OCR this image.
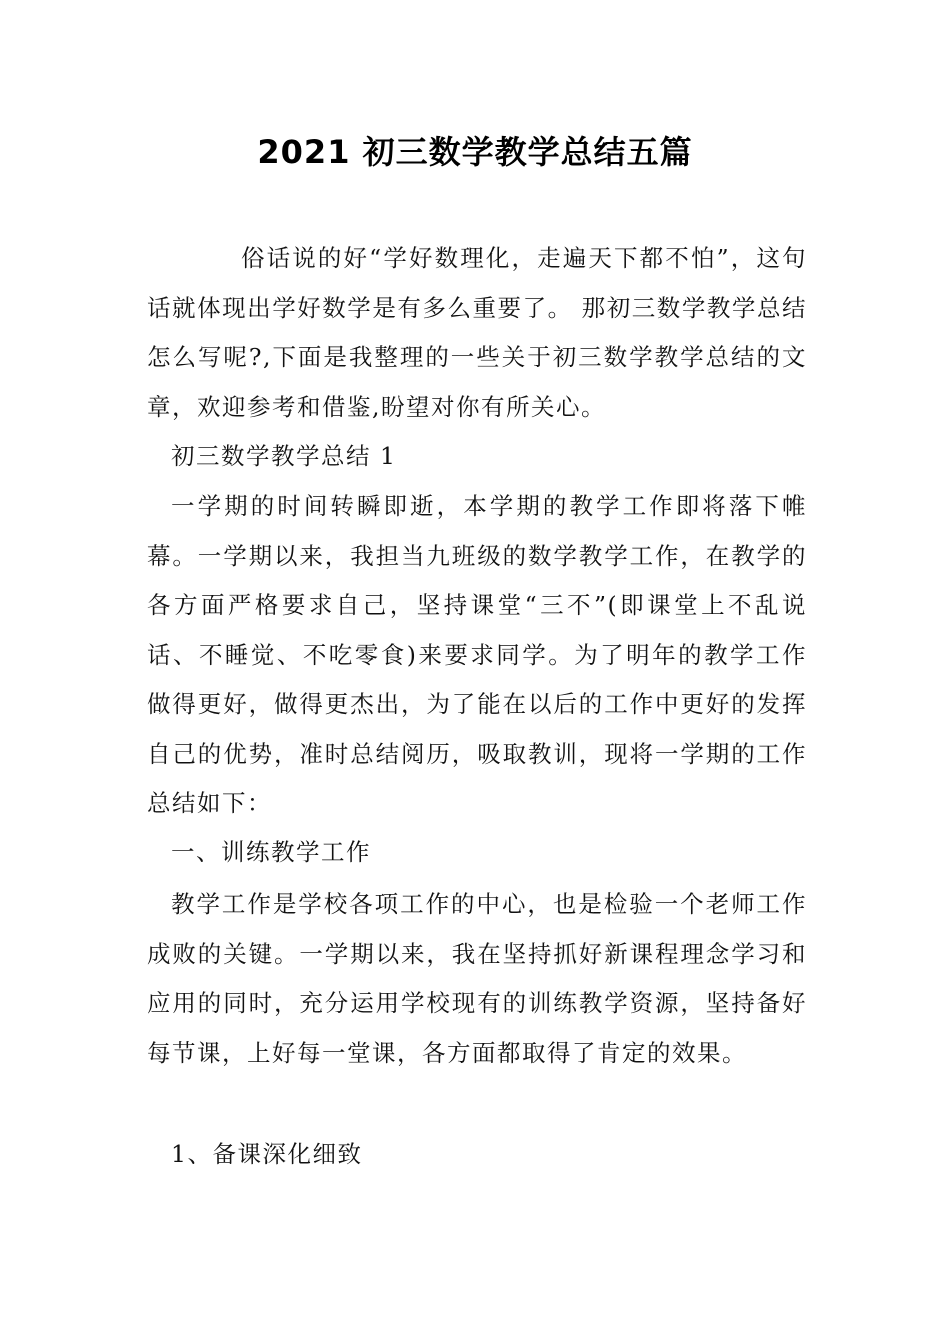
2021 初三数学教学总结五篇

俗话说的好“学好数理化，走遍天下都不怕”，这句话就体现出学好数学是有多么重要了。 那初三数学教学总结怎么写呢?,下面是我整理的一些关于初三数学教学总结的文章，欢迎参考和借鉴,盼望对你有所关心。

初三数学教学总结 1

一学期的时间转瞬即逝，本学期的教学工作即将落下帷幕。一学期以来，我担当九班级的数学教学工作，在教学的各方面严格要求自己，坚持课堂“三不”(即课堂上不乱说话、不睡觉、不吃零食)来要求同学。为了明年的教学工作做得更好，做得更杰出，为了能在以后的工作中更好的发挥自己的优势，准时总结阅历，吸取教训，现将一学期的工作总结如下：

一、训练教学工作

教学工作是学校各项工作的中心，也是检验一个老师工作成败的关键。一学期以来，我在坚持抓好新课程理念学习和应用的同时，充分运用学校现有的训练教学资源，坚持备好每节课，上好每一堂课，各方面都取得了肯定的效果。

1、备课深化细致
